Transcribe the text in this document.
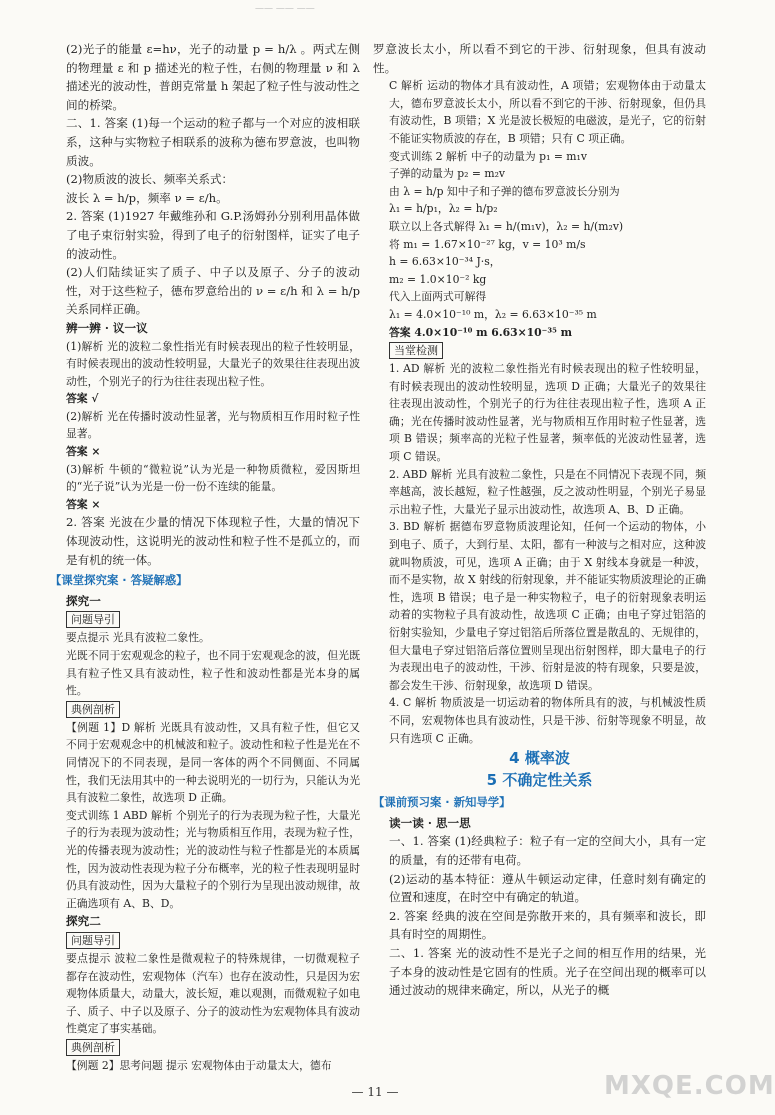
—— —— ——

(2)光子的能量 ε=hν，光子的动量 p = h/λ 。两式左侧的物理量 ε 和 p 描述光的粒子性，右侧的物理量 ν 和 λ 描述光的波动性，普朗克常量 h 架起了粒子性与波动性之间的桥梁。

二、1. 答案 (1)每一个运动的粒子都与一个对应的波相联系，这种与实物粒子相联系的波称为德布罗意波，也叫物质波。

(2)物质波的波长、频率关系式：

波长 λ = h/p，频率 ν = ε/h。

2. 答案 (1)1927 年戴维孙和 G.P.汤姆孙分别利用晶体做了电子束衍射实验，得到了电子的衍射图样，证实了电子的波动性。

(2)人们陆续证实了质子、中子以及原子、分子的波动性，对于这些粒子，德布罗意给出的 ν = ε/h 和 λ = h/p 关系同样正确。

辨一辨 · 议一议

(1)解析 光的波粒二象性指光有时候表现出的粒子性较明显，有时候表现出的波动性较明显，大量光子的效果往往表现出波动性，个别光子的行为往往表现出粒子性。

答案 √

(2)解析 光在传播时波动性显著，光与物质相互作用时粒子性显著。

答案 ×

(3)解析 牛顿的“微粒说”认为光是一种物质微粒，爱因斯坦的“光子说”认为光是一份一份不连续的能量。

答案 ×

2. 答案 光波在少量的情况下体现粒子性，大量的情况下体现波动性，这说明光的波动性和粒子性不是孤立的，而是有机的统一体。

【课堂探究案 · 答疑解惑】

探究一

问题导引

要点提示 光具有波粒二象性。

光既不同于宏观观念的粒子，也不同于宏观观念的波，但光既具有粒子性又具有波动性，粒子性和波动性都是光本身的属性。

典例剖析

【例题 1】D 解析 光既具有波动性，又具有粒子性，但它又不同于宏观观念中的机械波和粒子。波动性和粒子性是光在不同情况下的不同表现，是同一客体的两个不同侧面、不同属性，我们无法用其中的一种去说明光的一切行为，只能认为光具有波粒二象性，故选项 D 正确。

变式训练 1 ABD 解析 个别光子的行为表现为粒子性，大量光子的行为表现为波动性；光与物质相互作用，表现为粒子性，光的传播表现为波动性；光的波动性与粒子性都是光的本质属性，因为波动性表现为粒子分布概率，光的粒子性表现明显时仍具有波动性，因为大量粒子的个别行为呈现出波动规律，故正确选项有 A、B、D。

探究二

问题导引

要点提示 波粒二象性是微观粒子的特殊规律，一切微观粒子都存在波动性，宏观物体（汽车）也存在波动性，只是因为宏观物体质量大，动量大，波长短，难以观测，而微观粒子如电子、质子、中子以及原子、分子的波动性为宏观物体具有波动性奠定了事实基础。

典例剖析

【例题 2】思考问题 提示 宏观物体由于动量太大，德布

罗意波长太小，所以看不到它的干涉、衍射现象，但具有波动性。

C 解析 运动的物体才具有波动性，A 项错；宏观物体由于动量太大，德布罗意波长太小，所以看不到它的干涉、衍射现象，但仍具有波动性，B 项错；X 光是波长极短的电磁波，是光子，它的衍射不能证实物质波的存在，B 项错；只有 C 项正确。

变式训练 2 解析 中子的动量为 p₁ = m₁v

子弹的动量为 p₂ = m₂v

由 λ = h/p 知中子和子弹的德布罗意波长分别为

λ₁ = h/p₁，λ₂ = h/p₂

联立以上各式解得 λ₁ = h/(m₁v)，λ₂ = h/(m₂v)

将 m₁ = 1.67×10⁻²⁷ kg，v = 10³ m/s

h = 6.63×10⁻³⁴ J·s，

m₂ = 1.0×10⁻² kg

代入上面两式可解得

λ₁ = 4.0×10⁻¹⁰ m，λ₂ = 6.63×10⁻³⁵ m

答案 4.0×10⁻¹⁰ m 6.63×10⁻³⁵ m

当堂检测

1. AD 解析 光的波粒二象性指光有时候表现出的粒子性较明显，有时候表现出的波动性较明显，选项 D 正确；大量光子的效果往往表现出波动性，个别光子的行为往往表现出粒子性，选项 A 正确；光在传播时波动性显著，光与物质相互作用时粒子性显著，选项 B 错误；频率高的光粒子性显著，频率低的光波动性显著，选项 C 错误。

2. ABD 解析 光具有波粒二象性，只是在不同情况下表现不同，频率越高，波长越短，粒子性越强，反之波动性明显，个别光子易显示出粒子性，大量光子显示出波动性，故选项 A、B、D 正确。

3. BD 解析 据德布罗意物质波理论知，任何一个运动的物体，小到电子、质子，大到行星、太阳，都有一种波与之相对应，这种波就叫物质波，可见，选项 A 正确；由于 X 射线本身就是一种波，而不是实物，故 X 射线的衍射现象，并不能证实物质波理论的正确性，选项 B 错误；电子是一种实物粒子，电子的衍射现象表明运动着的实物粒子具有波动性，故选项 C 正确；由电子穿过铝箔的衍射实验知，少量电子穿过铝箔后所落位置是散乱的、无规律的，但大量电子穿过铝箔后落位置则呈现出衍射图样，即大量电子的行为表现出电子的波动性，干涉、衍射是波的特有现象，只要是波，都会发生干涉、衍射现象，故选项 D 错误。

4. C 解析 物质波是一切运动着的物体所具有的波，与机械波性质不同，宏观物体也具有波动性，只是干涉、衍射等现象不明显，故只有选项 C 正确。

4 概率波
5 不确定性关系
【课前预习案 · 新知导学】

读一读 · 思一思

一、1. 答案 (1)经典粒子：粒子有一定的空间大小，具有一定的质量，有的还带有电荷。

(2)运动的基本特征：遵从牛顿运动定律，任意时刻有确定的位置和速度，在时空中有确定的轨道。

2. 答案 经典的波在空间是弥散开来的，具有频率和波长，即具有时空的周期性。

二、1. 答案 光的波动性不是光子之间的相互作用的结果，光子本身的波动性是它固有的性质。光子在空间出现的概率可以通过波动的规律来确定，所以，从光子的概

— 11 —	MXQE.COM
